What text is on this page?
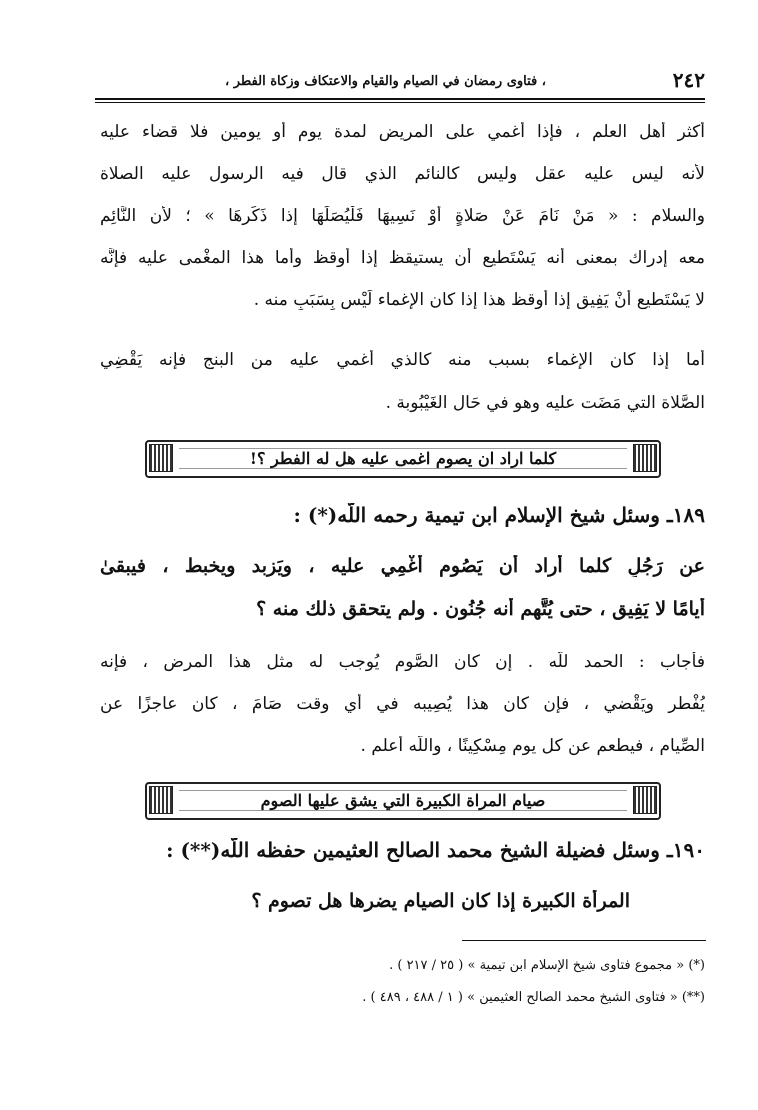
٢٤٢
، فتاوى رمضان في الصيام والقيام والاعتكاف وزكاة الفطر ،
أكثر أهل العلم ، فإذا أُغمي على المريض لمدة يوم أو يومين فلا قضاء عليه
لأنه ليس عليه عقل وليس كالنائم الذي قال فيه الرسول عليه الصلاة
والسلام : « مَنْ نَامَ عَنْ صَلاةٍ أَوْ نَسِيهَا فَلْيُصَلِّهَا إذا ذَكَرهَا » ؛ لأن النَّائِم
معه إدراك بمعنى أنه يَسْتَطيع أن يستيقظ إذا أوقظ وأما هذا المغْمى عليه فإنَّه
لا يَسْتَطيع أنْ يَفِيق إذا أوقظ هذا إذا كان الإِغماء لَيْس بِسَبَبٍ منه .
أما إذا كان الإِغماء بسبب منه كالذي أغمي عليه من البنج فإنه يَقْضِي
الصَّلاة التي مَضَت عليه وهو في حَال الغَيْبُوبة .
كلما اراد ان يصوم اغمى عليه هل له الفطر ؟!
١٨٩ـ وسئل شيخ الإسلام ابن تيمية رحمه اللَّه(*) :
عن رَجُلٍ كلما أراد أن يَصُوم أُغْمِي عليه ، ويَزبد ويخبط ، فيبقىٰ
أيامًا لا يَفِيق ، حتى يُتَّهم أنه جُنُون . ولم يتحقق ذلك منه ؟
فأجاب : الحمد للَّه . إن كان الصَّوم يُوجب له مثل هذا المرض ، فإنه
يُفْطر ويَقْضي ، فإن كان هذا يُصِيبه في أي وقت صَامَ ، كان عاجزًا عن
الصِّيام ، فيطعم عن كل يوم مِسْكِينًا ، واللَّه أعلم .
صيام المراة الكبيرة التي يشق عليها الصوم
١٩٠ـ وسئل فضيلة الشيخ محمد الصالح العثيمين حفظه اللَّه(**) :
المرأة الكبيرة إذا كان الصيام يضرها هل تصوم ؟
(*) « مجموع فتاوى شيخ الإسلام ابن تيمية » ( ٢٥ / ٢١٧ ) .
(**) « فتاوى الشيخ محمد الصالح العثيمين » ( ١ / ٤٨٨ ، ٤٨٩ ) .
